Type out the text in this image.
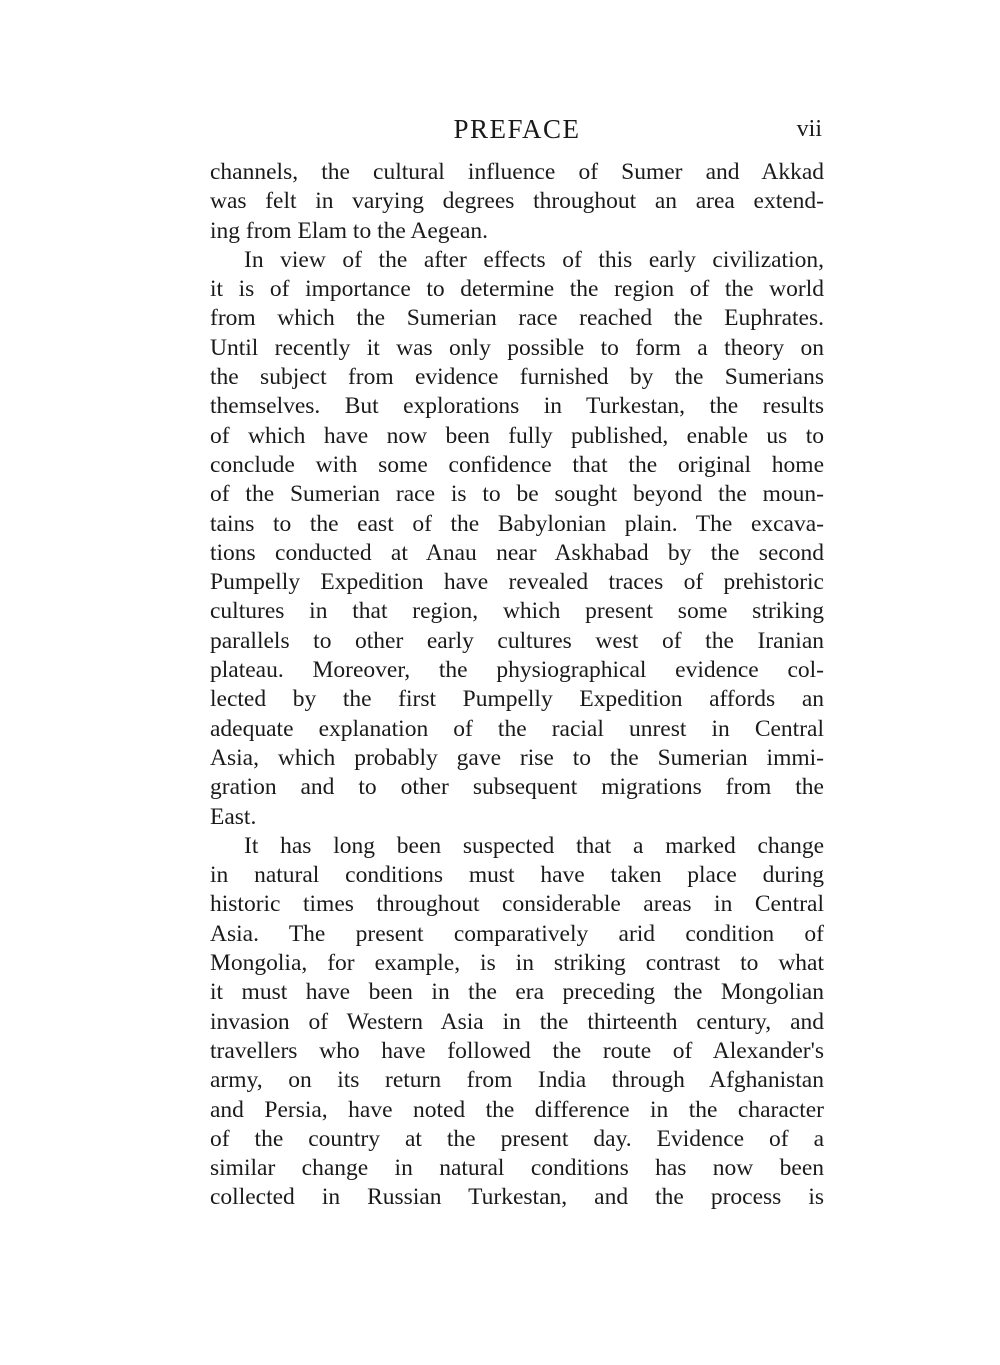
PREFACE	vii
channels, the cultural influence of Sumer and Akkad
was felt in varying degrees throughout an area extend-
ing from Elam to the Aegean.
In view of the after effects of this early civilization,
it is of importance to determine the region of the world
from which the Sumerian race reached the Euphrates.
Until recently it was only possible to form a theory on
the subject from evidence furnished by the Sumerians
themselves. But explorations in Turkestan, the results
of which have now been fully published, enable us to
conclude with some confidence that the original home
of the Sumerian race is to be sought beyond the moun-
tains to the east of the Babylonian plain. The excava-
tions conducted at Anau near Askhabad by the second
Pumpelly Expedition have revealed traces of prehistoric
cultures in that region, which present some striking
parallels to other early cultures west of the Iranian
plateau. Moreover, the physiographical evidence col-
lected by the first Pumpelly Expedition affords an
adequate explanation of the racial unrest in Central
Asia, which probably gave rise to the Sumerian immi-
gration and to other subsequent migrations from the
East.
It has long been suspected that a marked change
in natural conditions must have taken place during
historic times throughout considerable areas in Central
Asia. The present comparatively arid condition of
Mongolia, for example, is in striking contrast to what
it must have been in the era preceding the Mongolian
invasion of Western Asia in the thirteenth century, and
travellers who have followed the route of Alexander's
army, on its return from India through Afghanistan
and Persia, have noted the difference in the character
of the country at the present day. Evidence of a
similar change in natural conditions has now been
collected in Russian Turkestan, and the process is
